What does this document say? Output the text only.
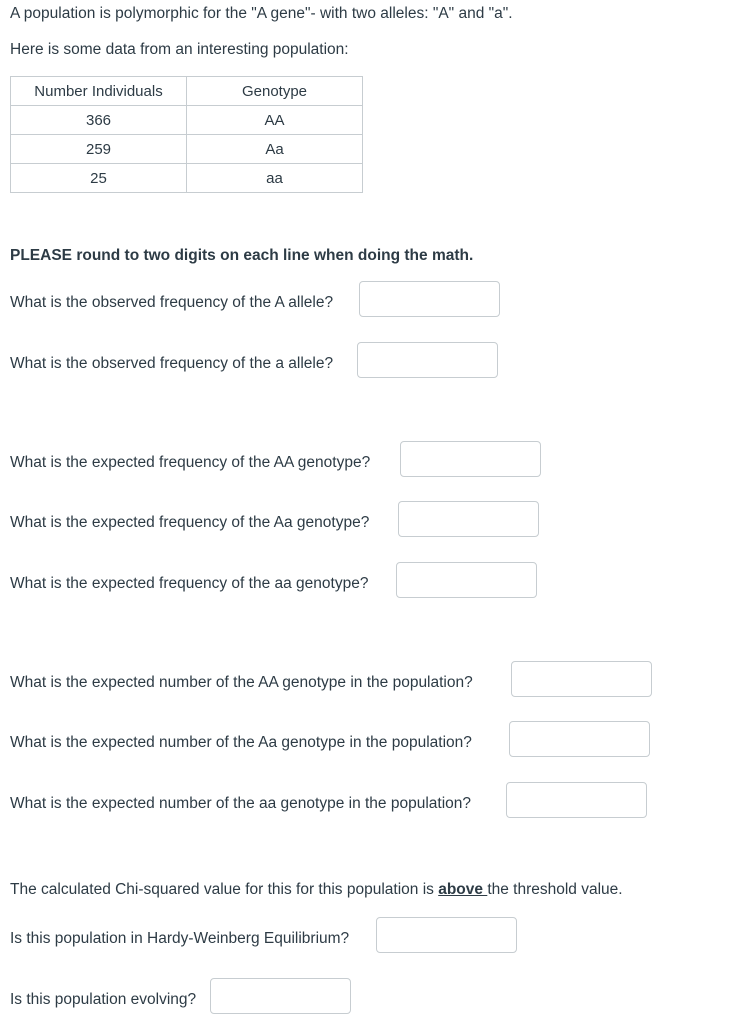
A population is polymorphic for the "A gene"- with two alleles: "A" and "a".
Here is some data from an interesting population:
Number Individuals	Genotype
366	AA
259	Aa
25	aa
PLEASE round to two digits on each line when doing the math.
What is the observed frequency of the A allele?
What is the observed frequency of the a allele?
What is the expected frequency of the AA genotype?
What is the expected frequency of the Aa genotype?
What is the expected frequency of the aa genotype?
What is the expected number of the AA genotype in the population?
What is the expected number of the Aa genotype in the population?
What is the expected number of the aa genotype in the population?
The calculated Chi-squared value for this for this population is above the threshold value.
Is this population in Hardy-Weinberg Equilibrium?
Is this population evolving?
